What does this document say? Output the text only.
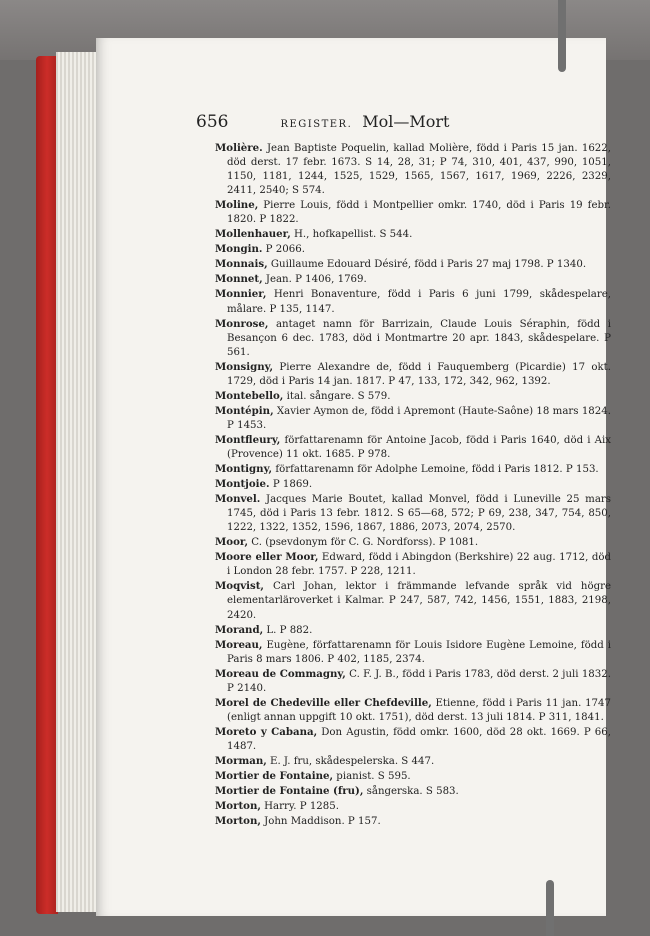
656	REGISTER. Mol—Mort
Molière. Jean Baptiste Poquelin, kallad Molière, född i Paris 15 jan. 1622, död derst. 17 febr. 1673. S 14, 28, 31; P 74, 310, 401, 437, 990, 1051, 1150, 1181, 1244, 1525, 1529, 1565, 1567, 1617, 1969, 2226, 2329, 2411, 2540; S 574.
Moline, Pierre Louis, född i Montpellier omkr. 1740, död i Paris 19 febr. 1820. P 1822.
Mollenhauer, H., hofkapellist. S 544.
Mongin. P 2066.
Monnais, Guillaume Edouard Désiré, född i Paris 27 maj 1798. P 1340.
Monnet, Jean. P 1406, 1769.
Monnier, Henri Bonaventure, född i Paris 6 juni 1799, skådespelare, målare. P 135, 1147.
Monrose, antaget namn för Barrizain, Claude Louis Séraphin, född i Besançon 6 dec. 1783, död i Montmartre 20 apr. 1843, skådespelare. P 561.
Monsigny, Pierre Alexandre de, född i Fauquemberg (Picardie) 17 okt. 1729, död i Paris 14 jan. 1817. P 47, 133, 172, 342, 962, 1392.
Montebello, ital. sångare. S 579.
Montépin, Xavier Aymon de, född i Apremont (Haute-Saône) 18 mars 1824. P 1453.
Montfleury, författarenamn för Antoine Jacob, född i Paris 1640, död i Aix (Provence) 11 okt. 1685. P 978.
Montigny, författarenamn för Adolphe Lemoine, född i Paris 1812. P 153.
Montjoie. P 1869.
Monvel. Jacques Marie Boutet, kallad Monvel, född i Luneville 25 mars 1745, död i Paris 13 febr. 1812. S 65—68, 572; P 69, 238, 347, 754, 850, 1222, 1322, 1352, 1596, 1867, 1886, 2073, 2074, 2570.
Moor, C. (psevdonym för C. G. Nordforss). P 1081.
Moore eller Moor, Edward, född i Abingdon (Berkshire) 22 aug. 1712, död i London 28 febr. 1757. P 228, 1211.
Moqvist, Carl Johan, lektor i främmande lefvande språk vid högre elementarläroverket i Kalmar. P 247, 587, 742, 1456, 1551, 1883, 2198, 2420.
Morand, L. P 882.
Moreau, Eugène, författarenamn för Louis Isidore Eugène Lemoine, född i Paris 8 mars 1806. P 402, 1185, 2374.
Moreau de Commagny, C. F. J. B., född i Paris 1783, död derst. 2 juli 1832. P 2140.
Morel de Chedeville eller Chefdeville, Etienne, född i Paris 11 jan. 1747 (enligt annan uppgift 10 okt. 1751), död derst. 13 juli 1814. P 311, 1841.
Moreto y Cabana, Don Agustin, född omkr. 1600, död 28 okt. 1669. P 66, 1487.
Morman, E. J. fru, skådespelerska. S 447.
Mortier de Fontaine, pianist. S 595.
Mortier de Fontaine (fru), sångerska. S 583.
Morton, Harry. P 1285.
Morton, John Maddison. P 157.
